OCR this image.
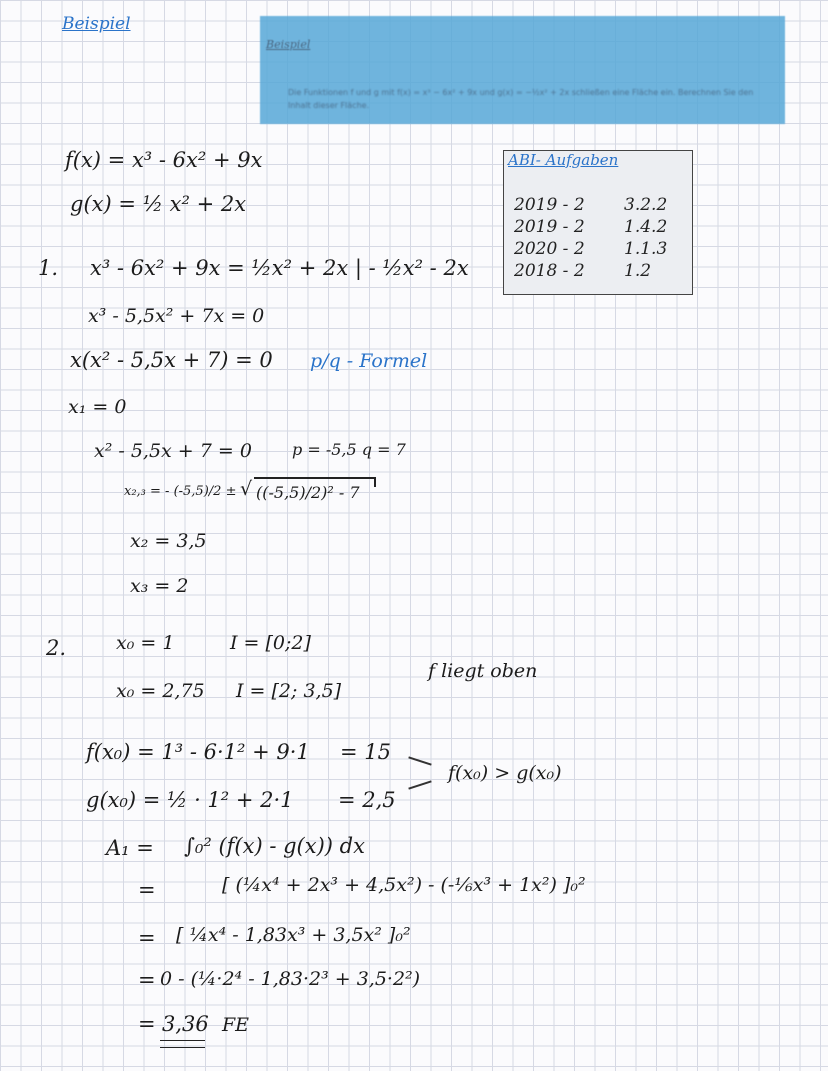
Beispiel
Beispiel
Die Funktionen f und g mit f(x) = x³ − 6x² + 9x und g(x) = −½x² + 2x schließen eine Fläche ein. Berechnen Sie den Inhalt dieser Fläche.
ABI- Aufgaben
2019 - 2 3.2.2
2019 - 2 1.4.2
2020 - 2 1.1.3
2018 - 2 1.2
f(x) = x³ - 6x² + 9x
g(x) = ½ x² + 2x
1. x³ - 6x² + 9x = ½x² + 2x | - ½x² - 2x
x³ - 5,5x² + 7x = 0
x(x² - 5,5x + 7) = 0 p/q - Formel
x₁ = 0
x² - 5,5x + 7 = 0	p = -5,5 q = 7
x₂,₃ = - (-5,5)/2 ± √ ((-5,5)/2)² - 7
x₂ = 3,5
x₃ = 2
2.	x₀ = 1	I = [0;2]
f liegt oben
x₀ = 2,75 I = [2; 3,5]
f(x₀) = 1³ - 6·1² + 9·1 = 15
f(x₀) > g(x₀)
g(x₀) = ½ · 1² + 2·1 = 2,5
A₁ = ∫₀² (f(x) - g(x)) dx
=	[ (¼x⁴ + 2x³ + 4,5x²) - (-⅙x³ + 1x²) ]₀²
= [ ¼x⁴ - 1,83x³ + 3,5x² ]₀²
= 0 - (¼·2⁴ - 1,83·2³ + 3,5·2²)
= 3,36 FE
